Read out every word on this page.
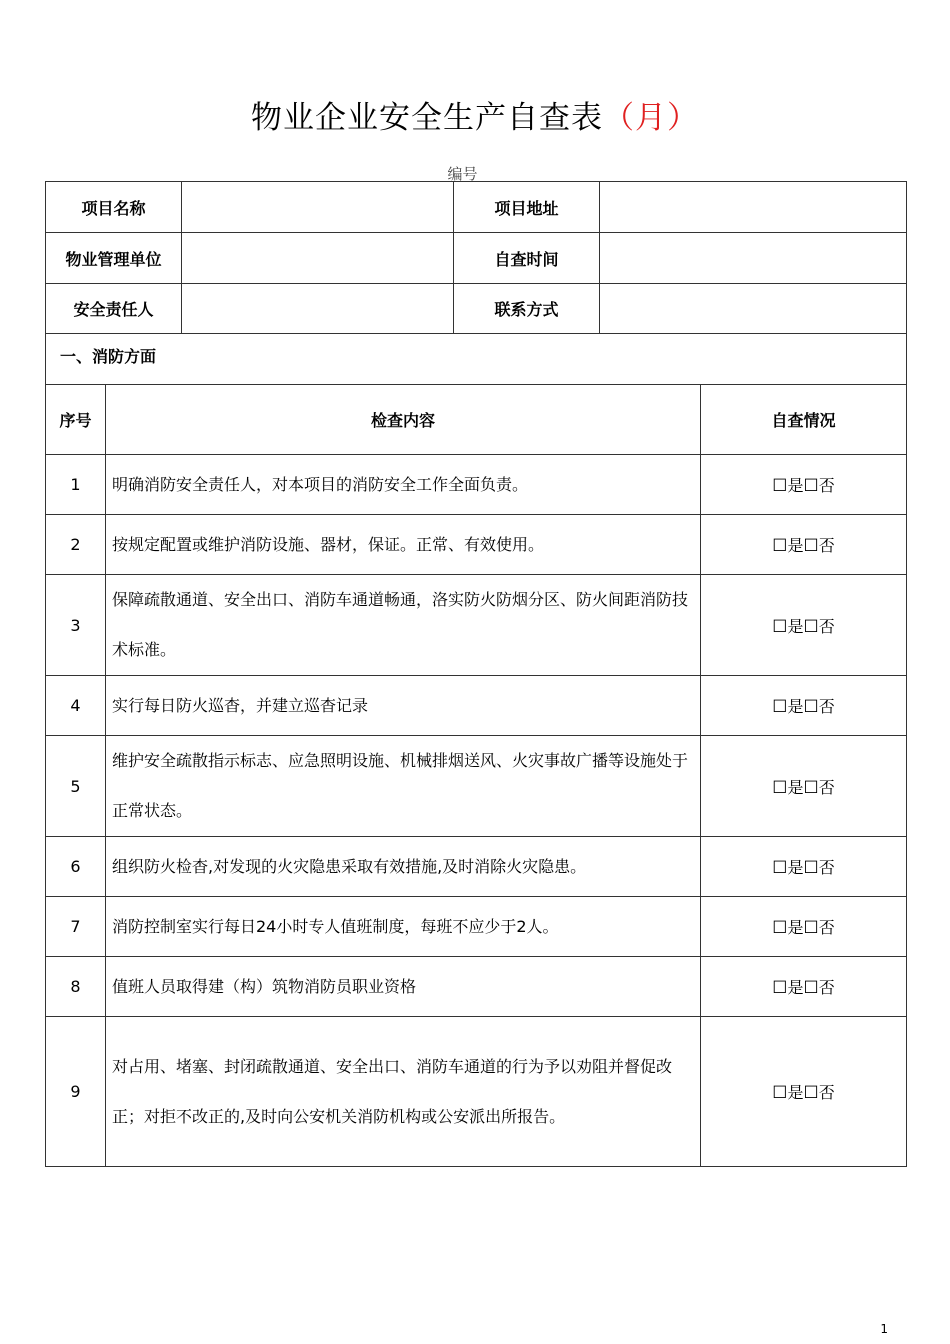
物业企业安全生产自查表（月）
编号
项目名称			项目地址		
物业管理单位			自查时间		
安全责任人			联系方式		
一、消防方面					
序号	检查内容				自查情况
1	明确消防安全责任人，对本项目的消防安全工作全面负责。				☐是☐否
2	按规定配置或维护消防设施、器材，保证。正常、有效使用。				☐是☐否
3	保障疏散通道、安全出口、消防车通道畅通，洛实防火防烟分区、防火间距消防技术标准。				☐是☐否
4	实行每日防火巡杳，并建立巡杳记录				☐是☐否
5	维护安全疏散指示标志、应急照明设施、机械排烟送风、火灾事故广播等设施处于正常状态。				☐是☐否
6	组织防火检杳,对发现的火灾隐患采取有效措施,及时消除火灾隐患。				☐是☐否
7	消防控制室实行每日24小时专人值班制度，每班不应少于2人。				☐是☐否
8	值班人员取得建（构）筑物消防员职业资格				☐是☐否
9	对占用、堵塞、封闭疏散通道、安全出口、消防车通道的行为予以劝阻并督促改正；对拒不改正的,及时向公安机关消防机构或公安派出所报告。				☐是☐否
1
